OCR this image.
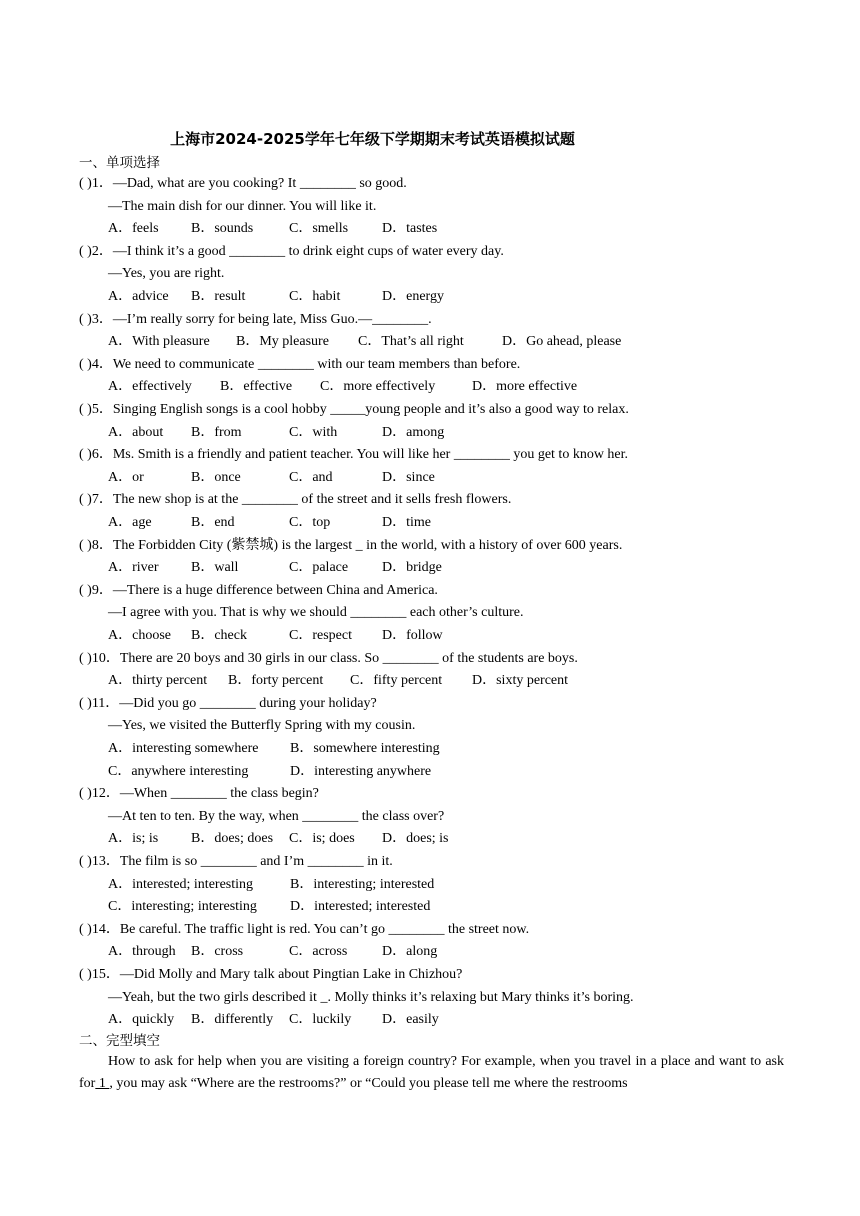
上海市2024-2025学年七年级下学期期末考试英语模拟试题
一、单项选择
( )1．—Dad, what are you cooking? It ________ so good.
—The main dish for our dinner. You will like it.
A．feels B．sounds	C．smells D．tastes
( )2．—I think it’s a good ________ to drink eight cups of water every day.
—Yes, you are right.
A．advice B．result	C．habit	D．energy
( )3．—I’m really sorry for being late, Miss Guo.—________.
A．With pleasure B．My pleasure C．That’s all right	D．Go ahead, please
( )4．We need to communicate ________ with our team members than before.
A．effectively B．effective C．more effectively	D．more effective
( )5．Singing English songs is a cool hobby _____young people and it’s also a good way to relax.
A．about B．from	C．with	D．among
( )6．Ms. Smith is a friendly and patient teacher. You will like her ________ you get to know her.
A．or	B．once	C．and	D．since
( )7．The new shop is at the ________ of the street and it sells fresh flowers.
A．age	B．end	C．top	D．time
( )8．The Forbidden City (紫禁城) is the largest _ in the world, with a history of over 600 years.
A．river B．wall	C．palace D．bridge
( )9．—There is a huge difference between China and America.
—I agree with you. That is why we should ________ each other’s culture.
A．choose B．check	C．respect D．follow
( )10．There are 20 boys and 30 girls in our class. So ________ of the students are boys.
A．thirty percent B．forty percent C．fifty percent D．sixty percent
( )11．—Did you go ________ during your holiday?
—Yes, we visited the Butterfly Spring with my cousin.
A．interesting somewhere B．somewhere interesting
C．anywhere interesting	D．interesting anywhere
( )12．—When ________ the class begin?
—At ten to ten. By the way, when ________ the class over?
A．is; is B．does; does C．is; does D．does; is
( )13．The film is so ________ and I’m ________ in it.
A．interested; interesting	B．interesting; interested
C．interesting; interesting D．interested; interested
( )14．Be careful. The traffic light is red. You can’t go ________ the street now.
A．through B．cross	C．across D．along
( )15．—Did Molly and Mary talk about Pingtian Lake in Chizhou?
—Yeah, but the two girls described it _. Molly thinks it’s relaxing but Mary thinks it’s boring.
A．quickly B．differently C．luckily D．easily
二、完型填空
How to ask for help when you are visiting a foreign country? For example, when you travel in a place and want to ask for 1 , you may ask “Where are the restrooms?” or “Could you please tell me where the restrooms
